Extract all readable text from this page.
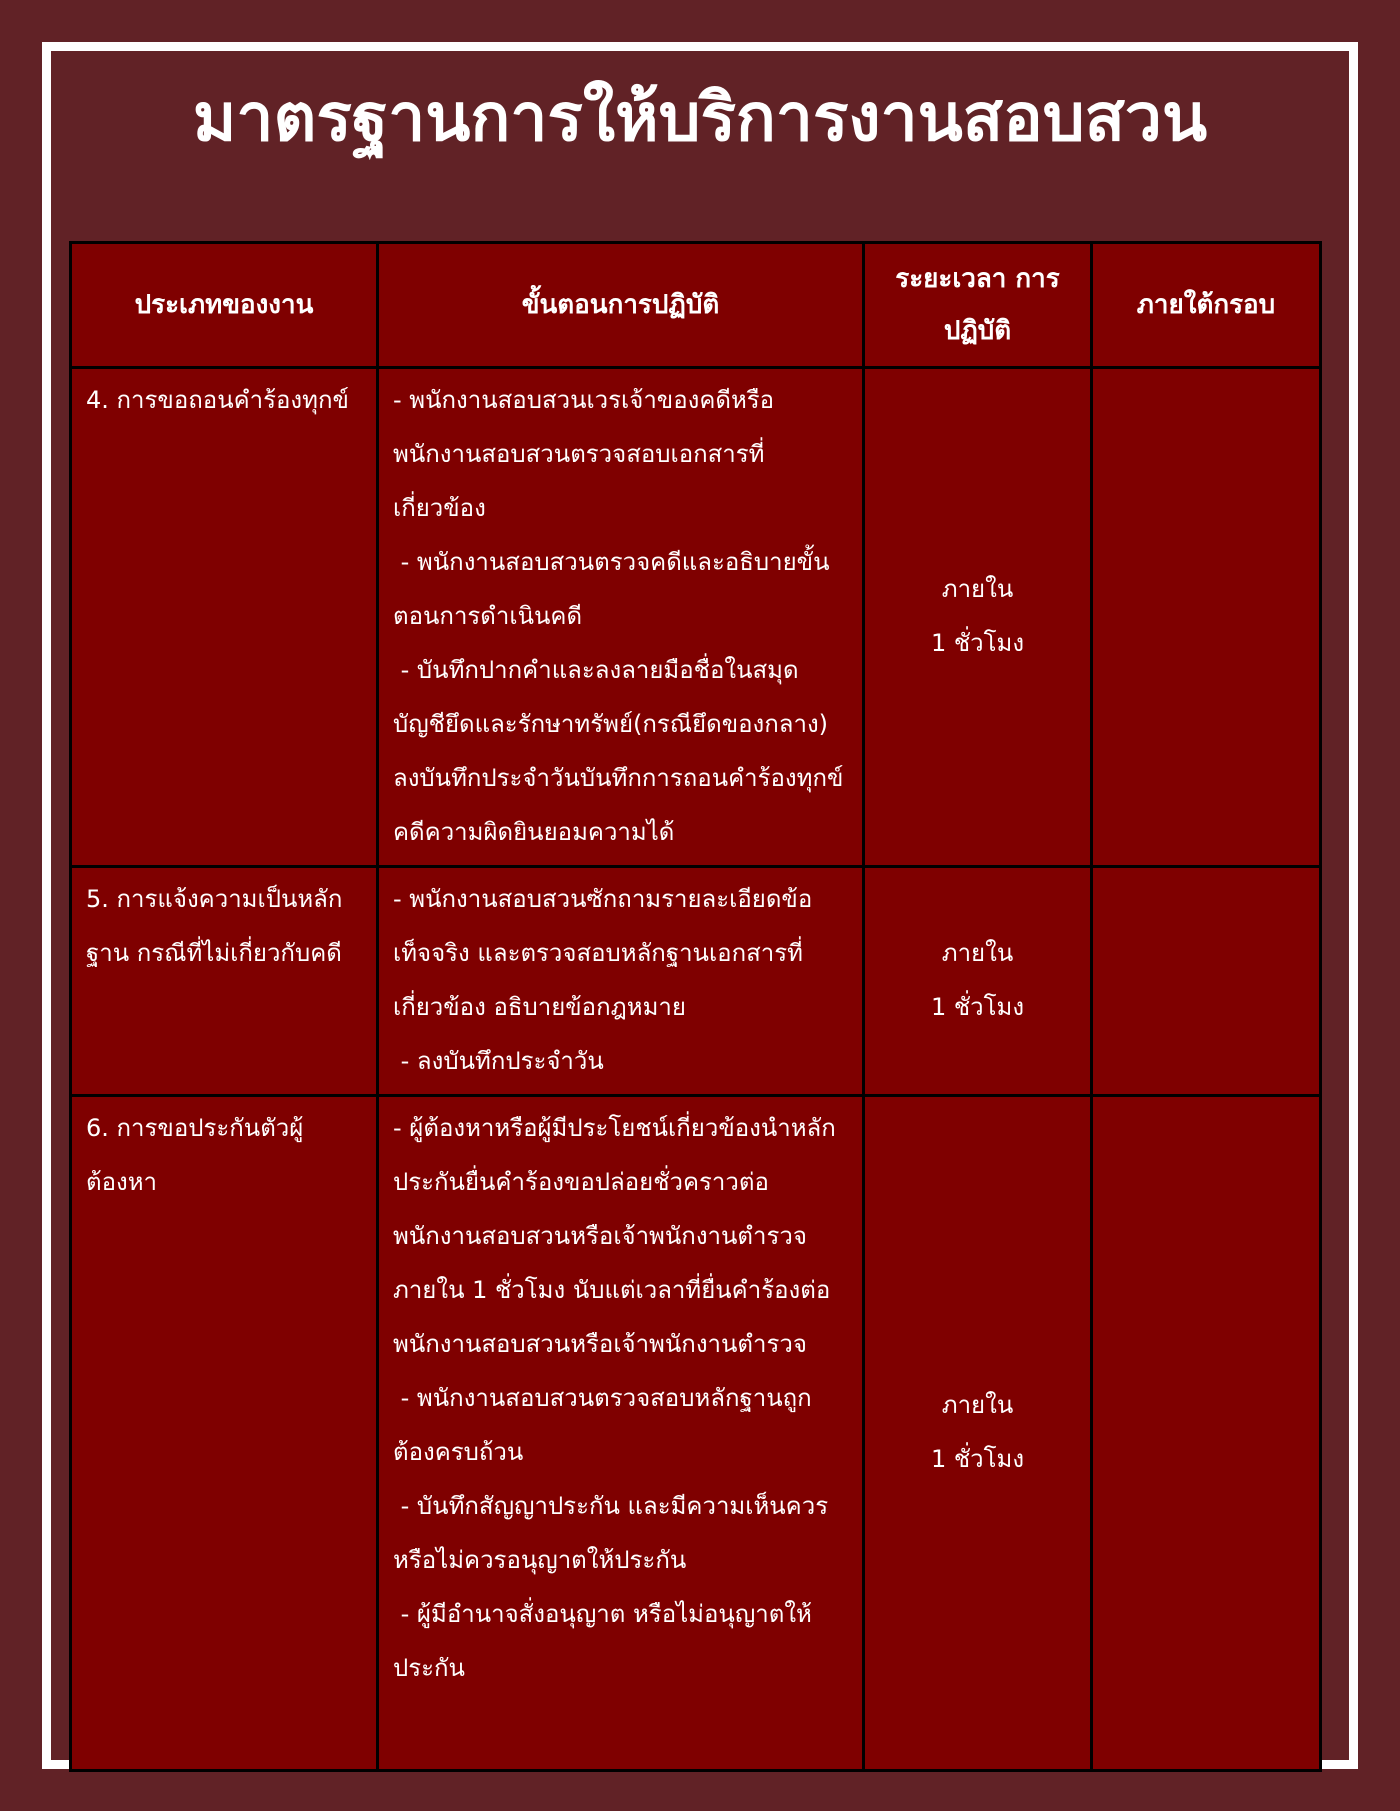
มาตรฐานการให้บริการงานสอบสวน
ประเภทของงาน	ขั้นตอนการปฏิบัติ	ระยะเวลา การปฏิบัติ	ภายใต้กรอบ
4. การขอถอนคำร้องทุกข์	- พนักงานสอบสวนเวรเจ้าของคดีหรือพนักงานสอบสวนตรวจสอบเอกสารที่เกี่ยวข้อง
- พนักงานสอบสวนตรวจคดีและอธิบายขั้นตอนการดำเนินคดี
- บันทึกปากคำและลงลายมือชื่อในสมุดบัญชียึดและรักษาทรัพย์(กรณียึดของกลาง) ลงบันทึกประจำวันบันทึกการถอนคำร้องทุกข์ คดีความผิดยินยอมความได้	ภายใน
1 ชั่วโมง	

5. การแจ้งความเป็นหลักฐาน กรณีที่ไม่เกี่ยวกับคดี	- พนักงานสอบสวนซักถามรายละเอียดข้อเท็จจริง และตรวจสอบหลักฐานเอกสารที่ เกี่ยวข้อง อธิบายข้อกฎหมาย
- ลงบันทึกประจำวัน	ภายใน
1 ชั่วโมง	

6. การขอประกันตัวผู้ต้องหา	- ผู้ต้องหาหรือผู้มีประโยชน์เกี่ยวข้องนำหลักประกันยื่นคำร้องขอปล่อยชั่วคราวต่อพนักงานสอบสวนหรือเจ้าพนักงานตำรวจภายใน 1 ชั่วโมง นับแต่เวลาที่ยื่นคำร้องต่อ พนักงานสอบสวนหรือเจ้าพนักงานตำรวจ
- พนักงานสอบสวนตรวจสอบหลักฐานถูกต้องครบถ้วน
- บันทึกสัญญาประกัน และมีความเห็นควรหรือไม่ควรอนุญาตให้ประกัน
- ผู้มีอำนาจสั่งอนุญาต หรือไม่อนุญาตให้ประกัน	ภายใน
1 ชั่วโมง	
